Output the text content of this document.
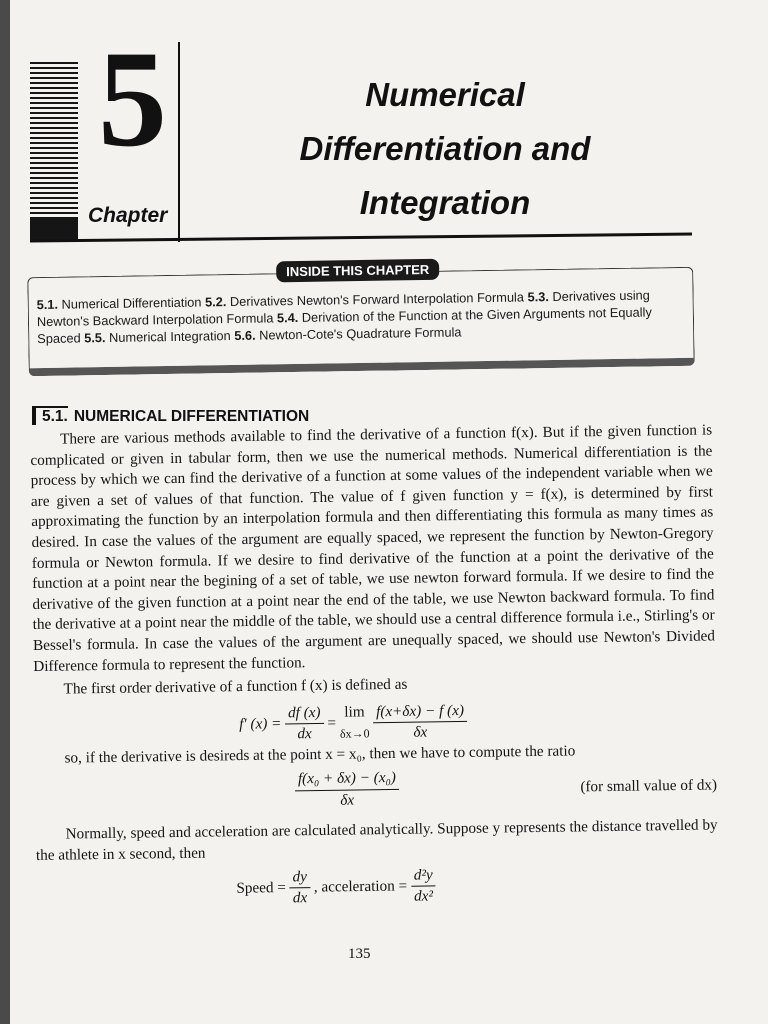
5
Chapter
Numerical
Differentiation and
Integration
INSIDE THIS CHAPTER
5.1. Numerical Differentiation 5.2. Derivatives Newton's Forward Interpolation Formula 5.3. Derivatives using Newton's Backward Interpolation Formula 5.4. Derivation of the Function at the Given Arguments not Equally Spaced 5.5. Numerical Integration 5.6. Newton-Cote's Quadrature Formula
5.1. NUMERICAL DIFFERENTIATION

There are various methods available to find the derivative of a function f(x). But if the given function is complicated or given in tabular form, then we use the numerical methods. Numerical differentiation is the process by which we can find the derivative of a function at some values of the independent variable when we are given a set of values of that function. The value of f given function y = f(x), is determined by first approximating the function by an interpolation formula and then differentiating this formula as many times as desired. In case the values of the argument are equally spaced, we represent the function by Newton-Gregory formula or Newton formula. If we desire to find derivative of the function at a point the derivative of the function at a point near the begining of a set of table, we use newton forward formula. If we desire to find the derivative of the given function at a point near the end of the table, we use Newton backward formula. To find the derivative at a point near the middle of the table, we should use a central difference formula i.e., Stirling's or Bessel's formula. In case the values of the argument are unequally spaced, we should use Newton's Divided Difference formula to represent the function.

The first order derivative of a function f (x) is defined as

f′ $(x) = \frac{df (x)}{dx}$ =
lim
δx→0
$\frac{f(x+\delta x) - f (x)}{\delta x}$

so, if the derivative is desireds at the point x = x₀, then we have to compute the ratio

$\frac{\text{f(x₀ + δx) − (x₀)}}{\delta x}$	(for small value of dx)

Normally, speed and acceleration are calculated analytically. Suppose y represents the distance travelled by the athlete in x second, then

Speed = $\frac{dy}{dx}$ , acceleration = $\frac{\text{d²y}}{\text{dx²}}$
135
